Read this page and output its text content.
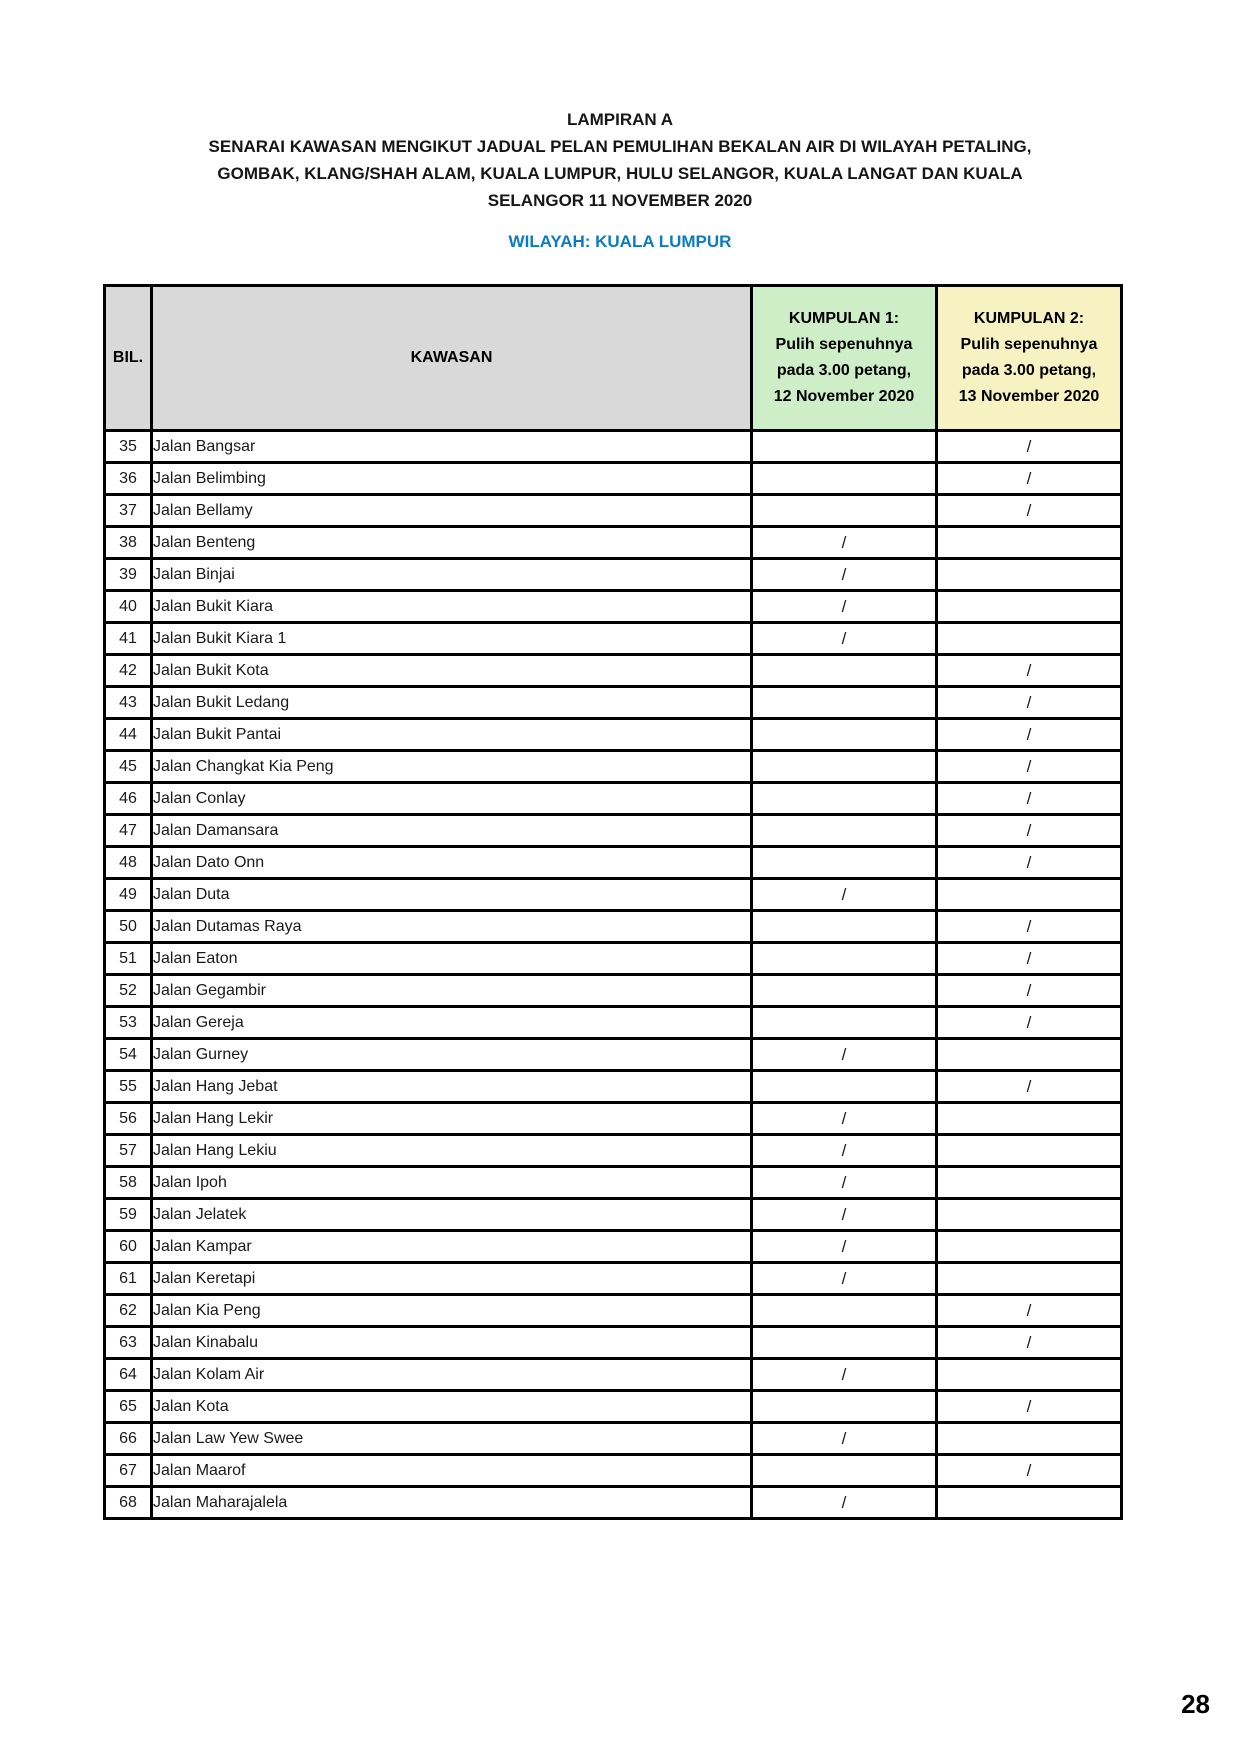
LAMPIRAN A
SENARAI KAWASAN MENGIKUT JADUAL PELAN PEMULIHAN BEKALAN AIR DI WILAYAH PETALING,
GOMBAK, KLANG/SHAH ALAM, KUALA LUMPUR, HULU SELANGOR, KUALA LANGAT DAN KUALA
SELANGOR 11 NOVEMBER 2020
WILAYAH: KUALA LUMPUR
BIL.	KAWASAN	
KUMPULAN 1:
Pulih sepenuhnya
pada 3.00 petang,
12 November 2020

KUMPULAN 2:
Pulih sepenuhnya
pada 3.00 petang,
13 November 2020

35	Jalan Bangsar		/
36	Jalan Belimbing		/
37	Jalan Bellamy		/
38	Jalan Benteng	/	
39	Jalan Binjai	/	
40	Jalan Bukit Kiara	/	
41	Jalan Bukit Kiara 1	/	
42	Jalan Bukit Kota		/
43	Jalan Bukit Ledang		/
44	Jalan Bukit Pantai		/
45	Jalan Changkat Kia Peng		/
46	Jalan Conlay		/
47	Jalan Damansara		/
48	Jalan Dato Onn		/
49	Jalan Duta	/	
50	Jalan Dutamas Raya		/
51	Jalan Eaton		/
52	Jalan Gegambir		/
53	Jalan Gereja		/
54	Jalan Gurney	/	
55	Jalan Hang Jebat		/
56	Jalan Hang Lekir	/	
57	Jalan Hang Lekiu	/	
58	Jalan Ipoh	/	
59	Jalan Jelatek	/	
60	Jalan Kampar	/	
61	Jalan Keretapi	/	
62	Jalan Kia Peng		/
63	Jalan Kinabalu		/
64	Jalan Kolam Air	/	
65	Jalan Kota		/
66	Jalan Law Yew Swee	/	
67	Jalan Maarof		/
68	Jalan Maharajalela	/	
28
